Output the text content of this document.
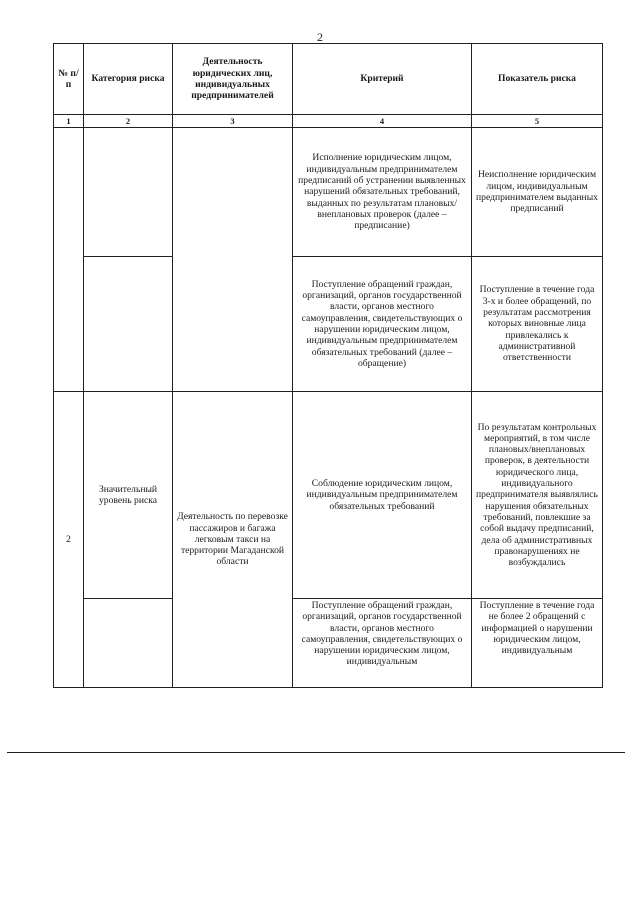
2
№ п/п	Категория риска	Деятельность юридических лиц, индивидуальных предпринимателей	Критерий	Показатель риска
1	2	3	4	5
			Исполнение юридическим лицом, индивидуальным предпринимателем предписаний об устранении выявленных нарушений обязательных требований, выданных по результатам плановых/ внеплановых проверок (далее – предписание)	Неисполнение юридическим лицом, индивидуальным предпринимателем выданных предписаний
			Поступление обращений граждан, организаций, органов государственной власти, органов местного самоуправления, свидетельствующих о нарушении юридическим лицом, индивидуальным предпринимателем обязательных требований (далее – обращение)	Поступление в течение года 3-х и более обращений, по результатам рассмотрения которых виновные лица привлекались к административной ответственности
2	Значительный уровень риска	Деятельность по перевозке пассажиров и багажа легковым такси на территории Магаданской области	Соблюдение юридическим лицом, индивидуальным предпринимателем обязательных требований	По результатам контрольных мероприятий, в том числе плановых/внеплановых проверок, в деятельности юридического лица, индивидуального предпринимателя выявлялись нарушения обязательных требований, повлекшие за собой выдачу предписаний, дела об административных правонарушениях не возбуждались
			Поступление обращений граждан, организаций, органов государственной власти, органов местного самоуправления, свидетельствующих о нарушении юридическим лицом, индивидуальным	Поступление в течение года не более 2 обращений с информацией о нарушении юридическим лицом, индивидуальным
